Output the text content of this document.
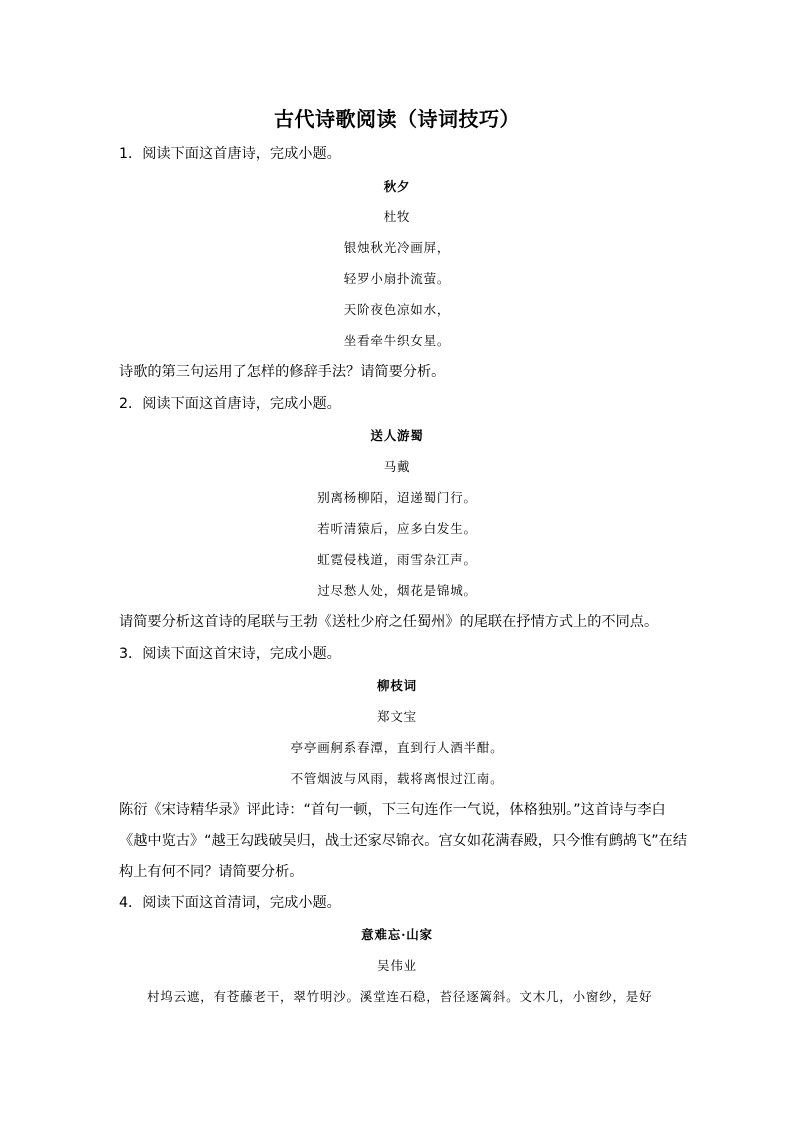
古代诗歌阅读（诗词技巧）
1．阅读下面这首唐诗，完成小题。
秋夕
杜牧
银烛秋光冷画屏，
轻罗小扇扑流萤。
天阶夜色凉如水，
坐看牵牛织女星。
诗歌的第三句运用了怎样的修辞手法？请简要分析。
2．阅读下面这首唐诗，完成小题。
送人游蜀
马戴
别离杨柳陌，迢递蜀门行。
若听清猿后，应多白发生。
虹霓侵栈道，雨雪杂江声。
过尽愁人处，烟花是锦城。
请简要分析这首诗的尾联与王勃《送杜少府之任蜀州》的尾联在抒情方式上的不同点。
3．阅读下面这首宋诗，完成小题。
柳枝词
郑文宝
亭亭画舸系春潭，直到行人酒半酣。
不管烟波与风雨，载将离恨过江南。
陈衍《宋诗精华录》评此诗：“首句一顿，下三句连作一气说，体格独别。”这首诗与李白
《越中览古》“越王勾践破吴归，战士还家尽锦衣。宫女如花满春殿，只今惟有鹧鸪飞”在结
构上有何不同？请简要分析。
4．阅读下面这首清词，完成小题。
意难忘·山家
吴伟业
村坞云遮，有苍藤老干，翠竹明沙。溪堂连石稳，苔径逐篱斜。文木几，小窗纱，是好
